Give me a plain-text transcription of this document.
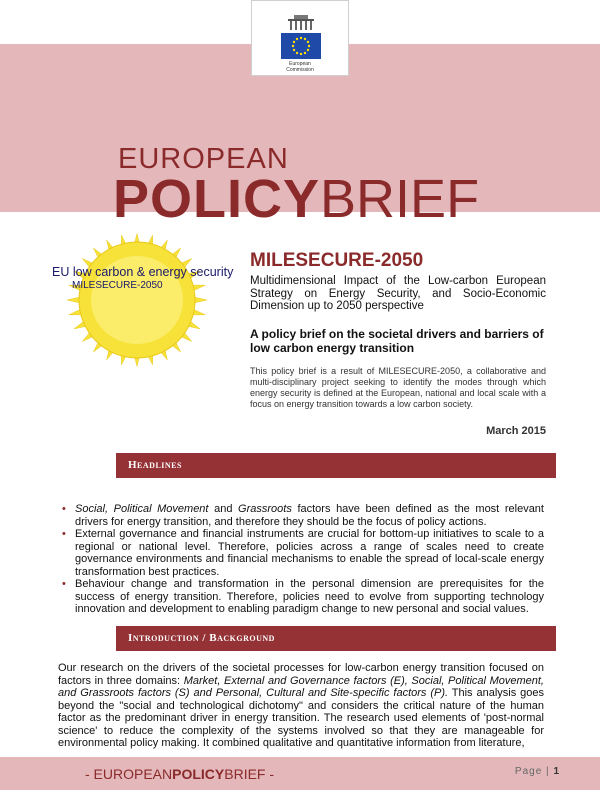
European
Commission
EUROPEAN
POLICYBRIEF
EU low carbon & energy security
MILESECURE-2050
MILESECURE-2050
Multidimensional Impact of the Low-carbon European Strategy on Energy Security, and Socio-Economic Dimension up to 2050 perspective
A policy brief on the societal drivers and barriers of low carbon energy transition
This policy brief is a result of MILESECURE-2050, a collaborative and multi-disciplinary project seeking to identify the modes through which energy security is defined at the European, national and local scale with a focus on energy transition towards a low carbon society.
March 2015
Headlines
• Social, Political Movement and Grassroots factors have been defined as the most relevant drivers for energy transition, and therefore they should be the focus of policy actions.
• External governance and financial instruments are crucial for bottom-up initiatives to scale to a regional or national level. Therefore, policies across a range of scales need to create governance environments and financial mechanisms to enable the spread of local-scale energy transformation best practices.
• Behaviour change and transformation in the personal dimension are prerequisites for the success of energy transition. Therefore, policies need to evolve from supporting technology innovation and development to enabling paradigm change to new personal and social values.
Introduction / Background
Our research on the drivers of the societal processes for low-carbon energy transition focused on factors in three domains: Market, External and Governance factors (E), Social, Political Movement, and Grassroots factors (S) and Personal, Cultural and Site-specific factors (P). This analysis goes beyond the "social and technological dichotomy" and considers the critical nature of the human factor as the predominant driver in energy transition. The research used elements of 'post-normal science' to reduce the complexity of the systems involved so that they are manageable for environmental policy making. It combined qualitative and quantitative information from literature,
- EUROPEANPOLICYBRIEF -	Page | 1
